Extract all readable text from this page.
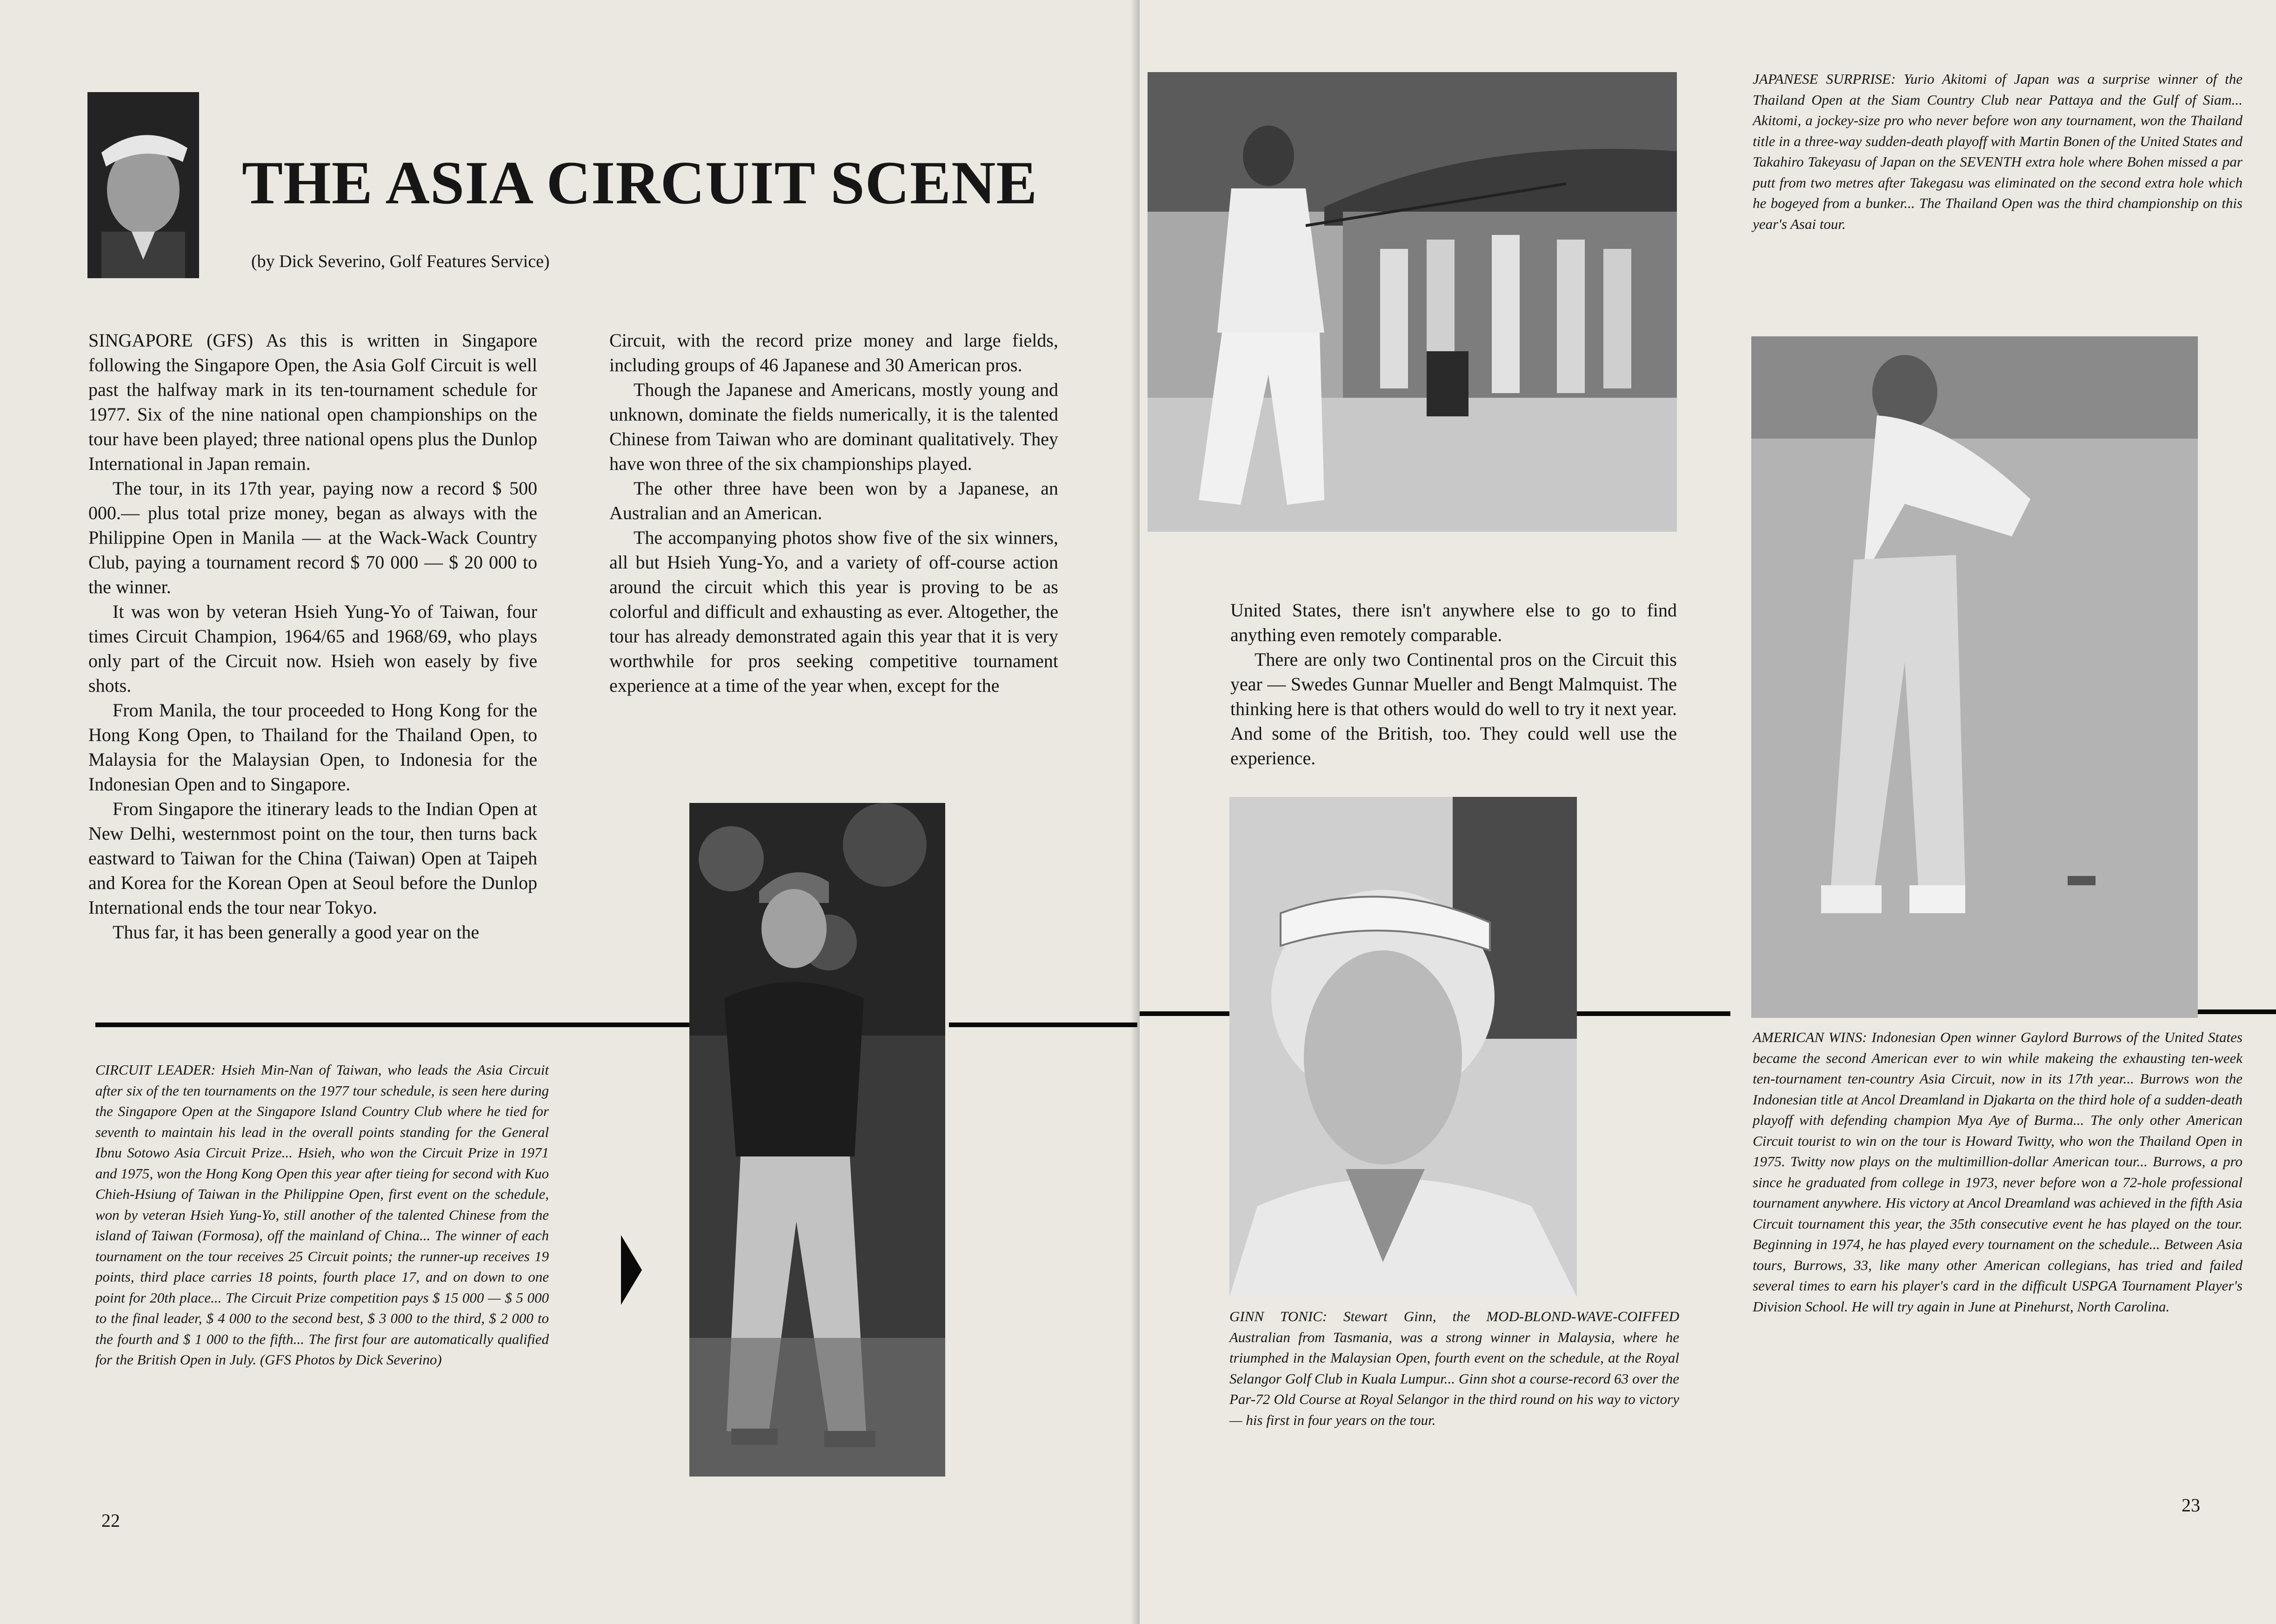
THE ASIA CIRCUIT SCENE
(by Dick Severino, Golf Features Service)

SINGAPORE (GFS) As this is written in Singapore following the Singapore Open, the Asia Golf Circuit is well past the halfway mark in its ten-tournament schedule for 1977. Six of the nine national open championships on the tour have been played; three national opens plus the Dunlop International in Japan remain.

The tour, in its 17th year, paying now a record $ 500 000.— plus total prize money, began as always with the Philippine Open in Manila — at the Wack-Wack Country Club, paying a tournament record $ 70 000 — $ 20 000 to the winner.

It was won by veteran Hsieh Yung-Yo of Taiwan, four times Circuit Champion, 1964/65 and 1968/69, who plays only part of the Circuit now. Hsieh won easely by five shots.

From Manila, the tour proceeded to Hong Kong for the Hong Kong Open, to Thailand for the Thailand Open, to Malaysia for the Malaysian Open, to Indonesia for the Indonesian Open and to Singapore.

From Singapore the itinerary leads to the Indian Open at New Delhi, westernmost point on the tour, then turns back eastward to Taiwan for the China (Taiwan) Open at Taipeh and Korea for the Korean Open at Seoul before the Dunlop International ends the tour near Tokyo.

Thus far, it has been generally a good year on the

Circuit, with the record prize money and large fields, including groups of 46 Japanese and 30 American pros.

Though the Japanese and Americans, mostly young and unknown, dominate the fields numerically, it is the talented Chinese from Taiwan who are dominant qualitatively. They have won three of the six championships played.

The other three have been won by a Japanese, an Australian and an American.

The accompanying photos show five of the six winners, all but Hsieh Yung-Yo, and a variety of off-course action around the circuit which this year is proving to be as colorful and difficult and exhausting as ever. Altogether, the tour has already demonstrated again this year that it is very worthwhile for pros seeking competitive tournament experience at a time of the year when, except for the

CIRCUIT LEADER: Hsieh Min-Nan of Taiwan, who leads the Asia Circuit after six of the ten tournaments on the 1977 tour schedule, is seen here during the Singapore Open at the Singapore Island Country Club where he tied for seventh to maintain his lead in the overall points standing for the General Ibnu Sotowo Asia Circuit Prize... Hsieh, who won the Circuit Prize in 1971 and 1975, won the Hong Kong Open this year after tieing for second with Kuo Chieh-Hsiung of Taiwan in the Philippine Open, first event on the schedule, won by veteran Hsieh Yung-Yo, still another of the talented Chinese from the island of Taiwan (Formosa), off the mainland of China... The winner of each tournament on the tour receives 25 Circuit points; the runner-up receives 19 points, third place carries 18 points, fourth place 17, and on down to one point for 20th place... The Circuit Prize competition pays $ 15 000 — $ 5 000 to the final leader, $ 4 000 to the second best, $ 3 000 to the third, $ 2 000 to the fourth and $ 1 000 to the fifth... The first four are automatically qualified for the British Open in July. (GFS Photos by Dick Severino)

22

JAPANESE SURPRISE: Yurio Akitomi of Japan was a surprise winner of the Thailand Open at the Siam Country Club near Pattaya and the Gulf of Siam... Akitomi, a jockey-size pro who never before won any tournament, won the Thailand title in a three-way sudden-death playoff with Martin Bonen of the United States and Takahiro Takeyasu of Japan on the SEVENTH extra hole where Bohen missed a par putt from two metres after Takegasu was eliminated on the second extra hole which he bogeyed from a bunker... The Thailand Open was the third championship on this year's Asai tour.

United States, there isn't anywhere else to go to find anything even remotely comparable.

There are only two Continental pros on the Circuit this year — Swedes Gunnar Mueller and Bengt Malmquist. The thinking here is that others would do well to try it next year. And some of the British, too. They could well use the experience.

GINN TONIC: Stewart Ginn, the MOD-BLOND-WAVE-COIFFED Australian from Tasmania, was a strong winner in Malaysia, where he triumphed in the Malaysian Open, fourth event on the schedule, at the Royal Selangor Golf Club in Kuala Lumpur... Ginn shot a course-record 63 over the Par-72 Old Course at Royal Selangor in the third round on his way to victory — his first in four years on the tour.

AMERICAN WINS: Indonesian Open winner Gaylord Burrows of the United States became the second American ever to win while makeing the exhausting ten-week ten-tournament ten-country Asia Circuit, now in its 17th year... Burrows won the Indonesian title at Ancol Dreamland in Djakarta on the third hole of a sudden-death playoff with defending champion Mya Aye of Burma... The only other American Circuit tourist to win on the tour is Howard Twitty, who won the Thailand Open in 1975. Twitty now plays on the multimillion-dollar American tour... Burrows, a pro since he graduated from college in 1973, never before won a 72-hole professional tournament anywhere. His victory at Ancol Dreamland was achieved in the fifth Asia Circuit tournament this year, the 35th consecutive event he has played on the tour. Beginning in 1974, he has played every tournament on the schedule... Between Asia tours, Burrows, 33, like many other American collegians, has tried and failed several times to earn his player's card in the difficult USPGA Tournament Player's Division School. He will try again in June at Pinehurst, North Carolina.

23
